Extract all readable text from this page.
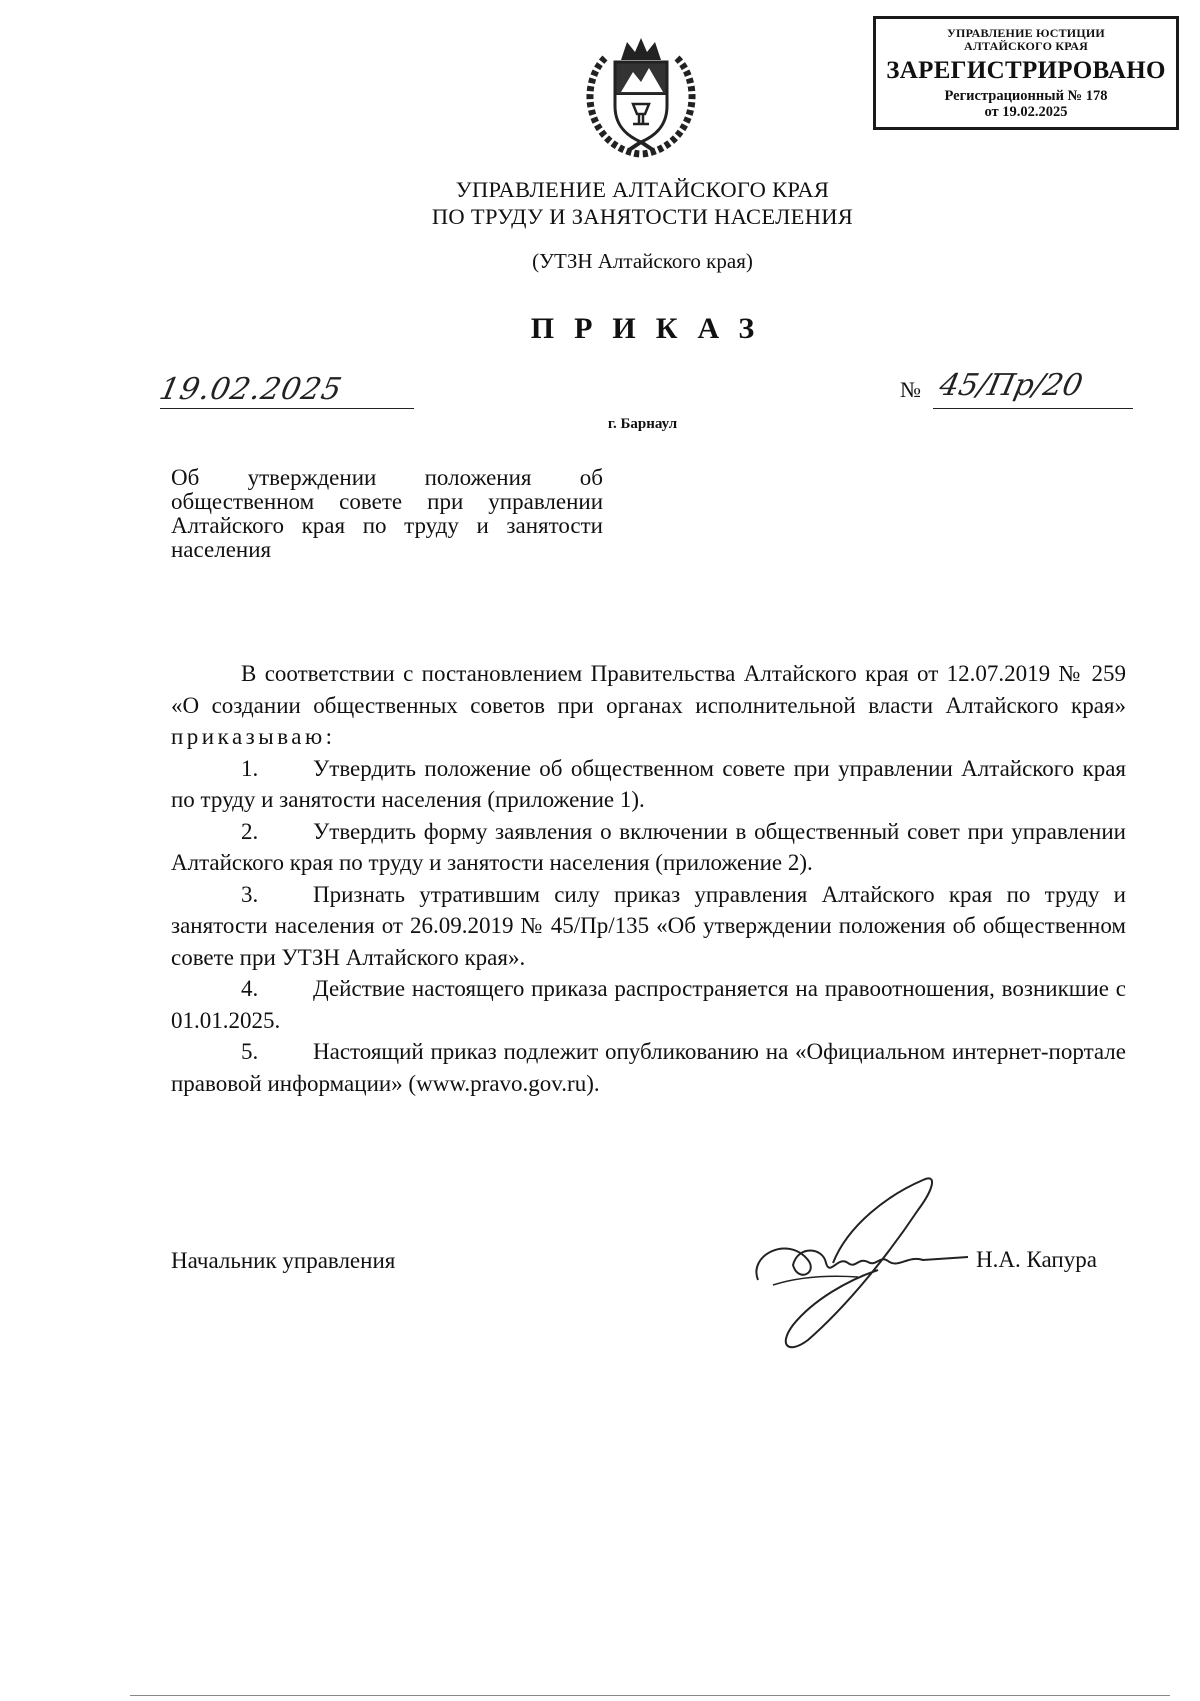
УПРАВЛЕНИЕ ЮСТИЦИИ
АЛТАЙСКОГО КРАЯ
ЗАРЕГИСТРИРОВАНО
Регистрационный № 178
от 19.02.2025
УПРАВЛЕНИЕ АЛТАЙСКОГО КРАЯ
ПО ТРУДУ И ЗАНЯТОСТИ НАСЕЛЕНИЯ
(УТЗН Алтайского края)
ПРИКАЗ
19.02.2025	№ 45/Пр/20
г. Барнаул
Об утверждении положения об общественном совете при управлении Алтайского края по труду и занятости населения

В соответствии с постановлением Правительства Алтайского края от 12.07.2019 № 259 «О создании общественных советов при органах исполнительной власти Алтайского края» приказываю:

1. Утвердить положение об общественном совете при управлении Алтайского края по труду и занятости населения (приложение 1).

2. Утвердить форму заявления о включении в общественный совет при управлении Алтайского края по труду и занятости населения (приложение 2).

3. Признать утратившим силу приказ управления Алтайского края по труду и занятости населения от 26.09.2019 № 45/Пр/135 «Об утверждении положения об общественном совете при УТЗН Алтайского края».

4. Действие настоящего приказа распространяется на правоотношения, возникшие с 01.01.2025.

5. Настоящий приказ подлежит опубликованию на «Официальном интернет-портале правовой информации» (www.pravo.gov.ru).

Начальник управления	Н.А. Капура
